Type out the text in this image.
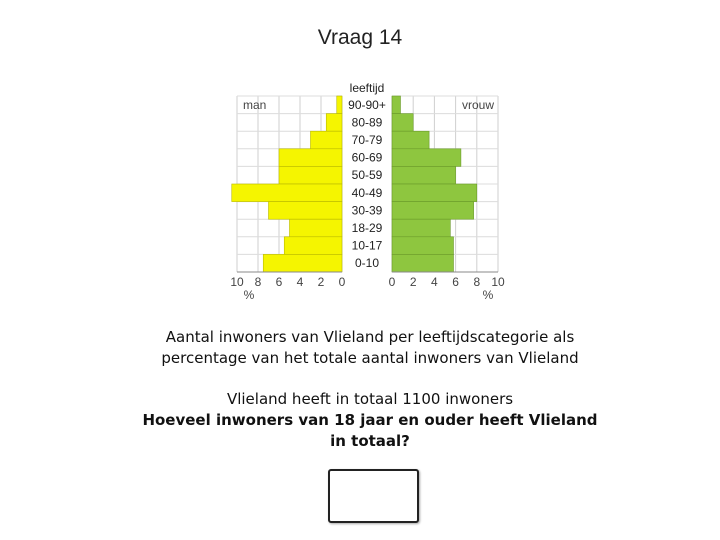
Vraag 14
90-90+
80-89
70-79
60-69
50-59
40-49
30-39
18-29
10-17
0-10
leeftijd
man	vrouw
10 8 6 4 2 0	0 2 4 6 8 10
%	%
Aantal inwoners van Vlieland per leeftijdscategorie als
percentage van het totale aantal inwoners van Vlieland
Vlieland heeft in totaal 1100 inwoners
Hoeveel inwoners van 18 jaar en ouder heeft Vlieland
in totaal?
